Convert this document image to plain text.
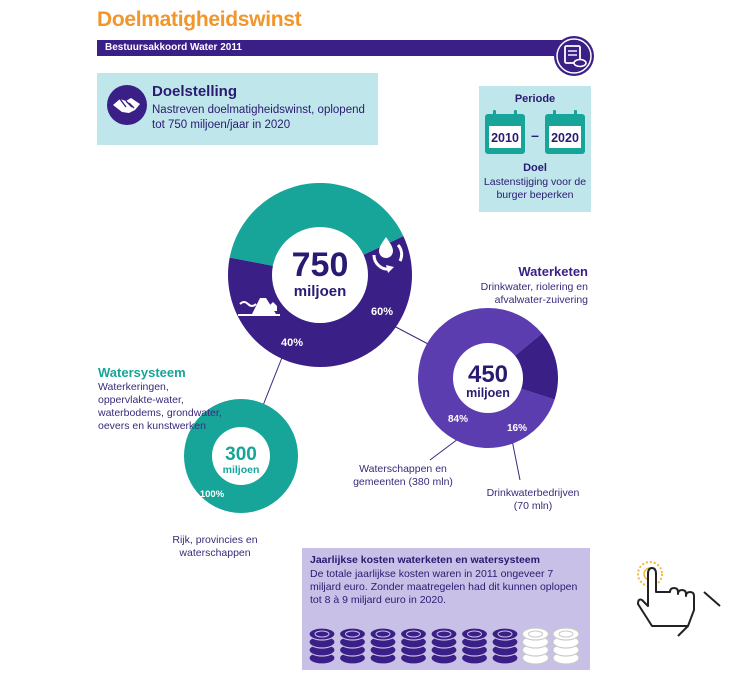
Doelmatigheidswinst
Bestuursakkoord Water 2011
Doelstelling
Nastreven doelmatigheidswinst, oplopend tot 750 miljoen/jaar in 2020
Periode
2010 – 2020
Doel
Lastenstijging voor de burger beperken
750
miljoen
60%
40%
450
miljoen
84%
16%
300
miljoen
100%
Waterketen
Drinkwater, riolering en afvalwater-zuivering
Waterschappen en gemeenten (380 mln)
Drinkwaterbedrijven (70 mln)
Watersysteem
Waterkeringen, oppervlakte-water, waterbodems, grondwater, oevers en kunstwerken
Rijk, provincies en waterschappen
Jaarlijkse kosten waterketen en watersysteem
De totale jaarlijkse kosten waren in 2011 ongeveer 7 miljard euro. Zonder maatregelen had dit kunnen oplopen tot 8 à 9 miljard euro in 2020.
